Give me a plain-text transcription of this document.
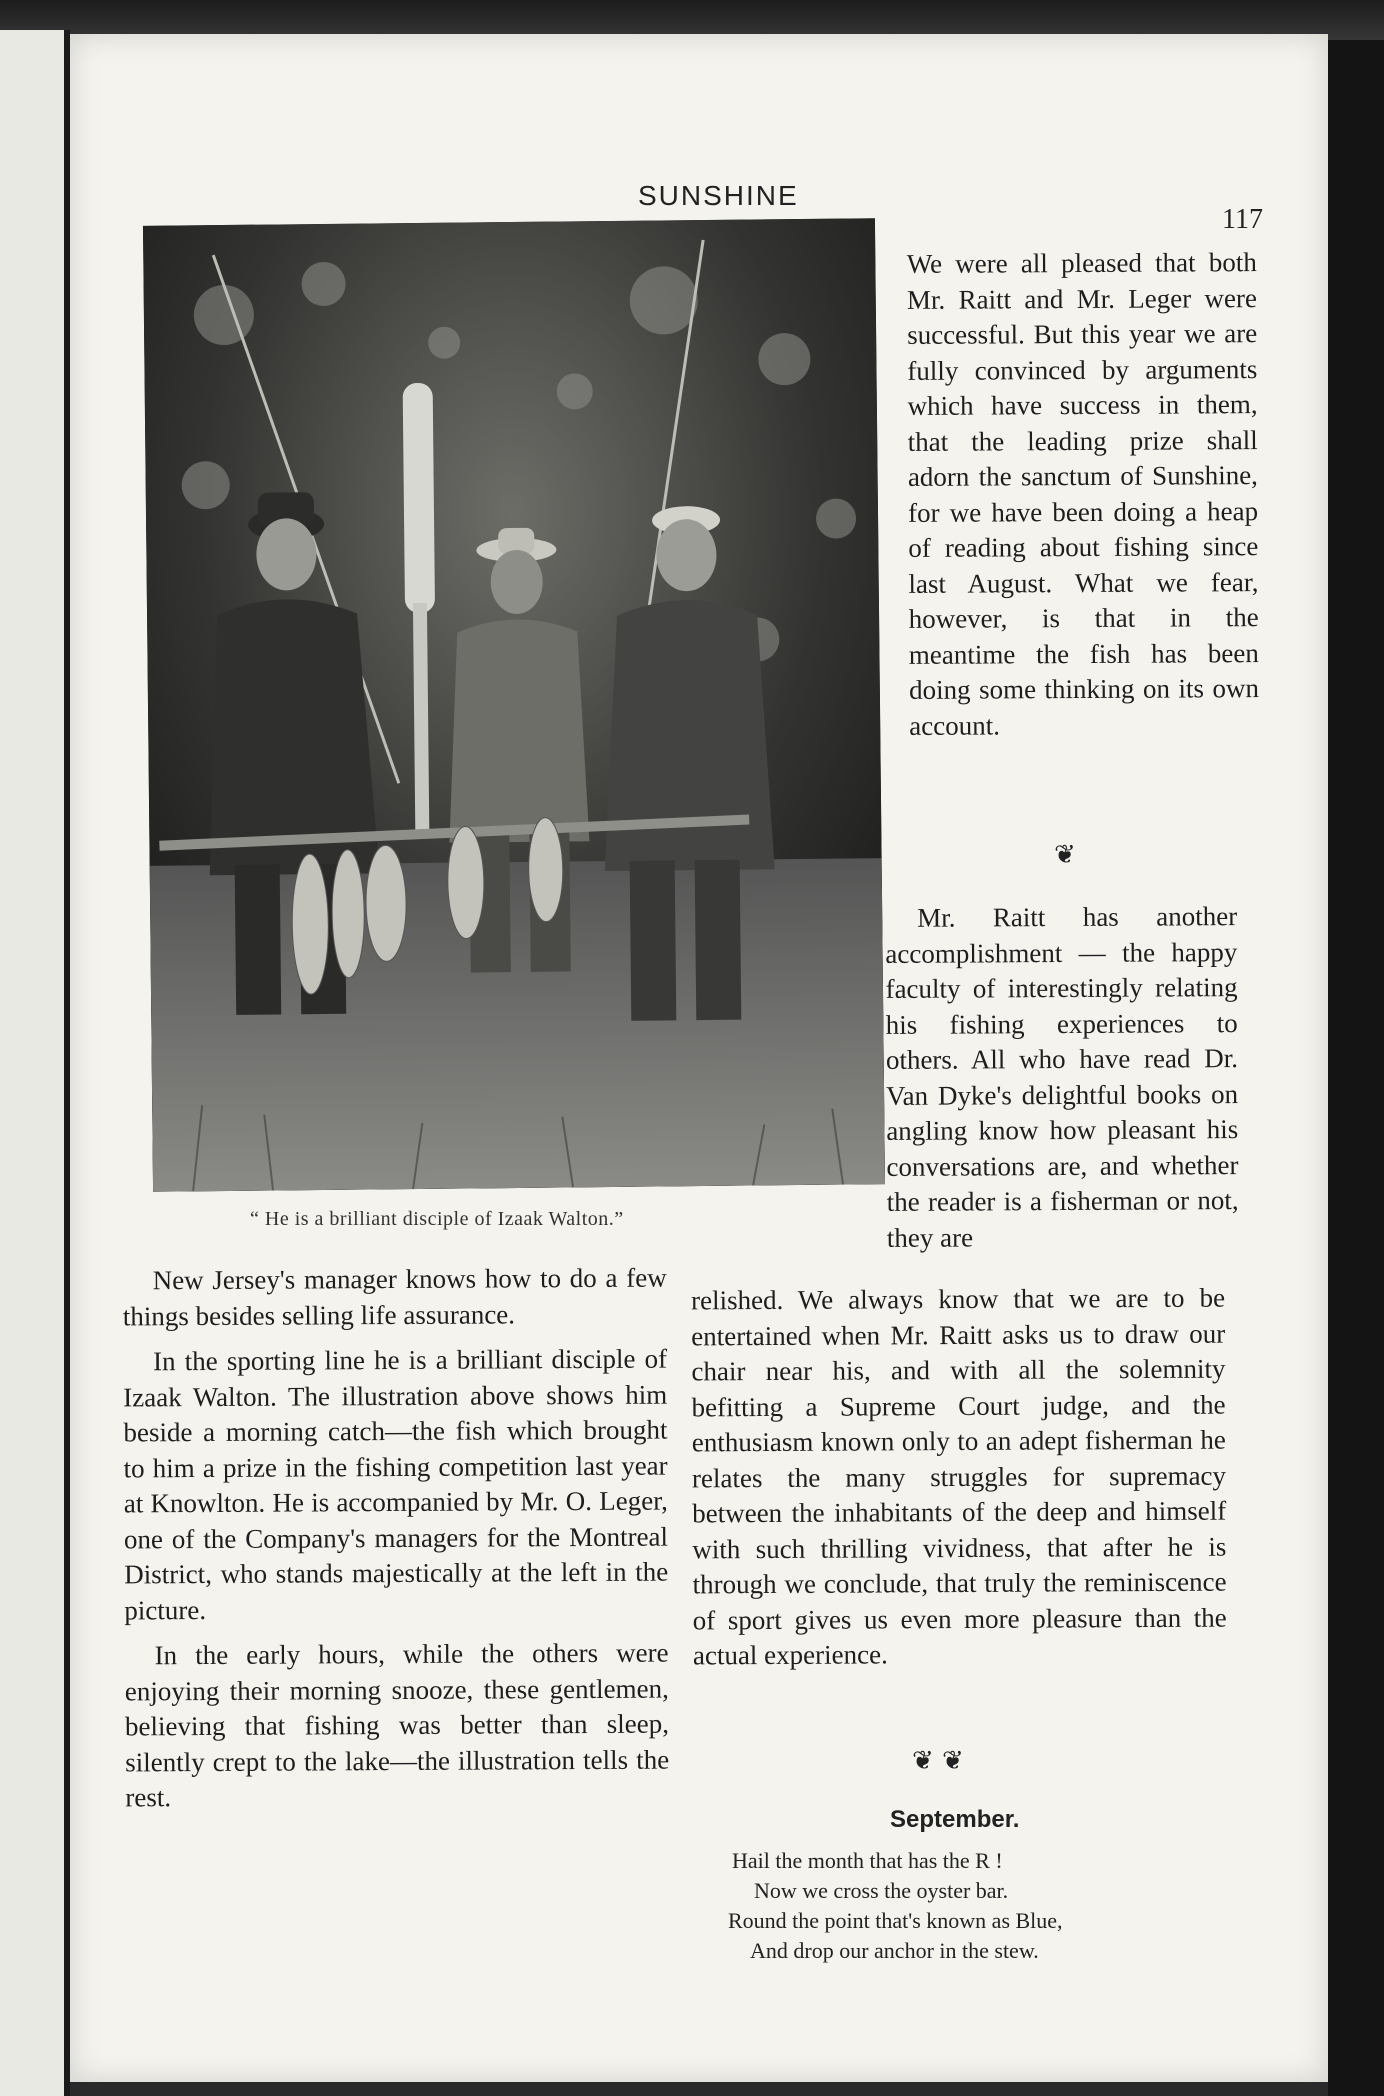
SUNSHINE
117
“ He is a brilliant disciple of Izaak Walton.”

We were all pleased that both Mr. Raitt and Mr. Leger were successful. But this year we are fully convinced by arguments which have success in them, that the leading prize shall adorn the sanctum of Sunshine, for we have been doing a heap of reading about fishing since last August. What we fear, however, is that in the meantime the fish has been doing some thinking on its own account.

❦

Mr. Raitt has another accomplishment — the happy faculty of interestingly relating his fishing experiences to others. All who have read Dr. Van Dyke's delightful books on angling know how pleasant his conversations are, and whether the reader is a fisherman or not, they are

relished. We always know that we are to be entertained when Mr. Raitt asks us to draw our chair near his, and with all the solemnity befitting a Supreme Court judge, and the enthusiasm known only to an adept fisherman he relates the many struggles for supremacy between the inhabitants of the deep and himself with such thrilling vividness, that after he is through we conclude, that truly the reminiscence of sport gives us even more pleasure than the actual experience.

New Jersey's manager knows how to do a few things besides selling life assurance.

In the sporting line he is a brilliant disciple of Izaak Walton. The illustration above shows him beside a morning catch—the fish which brought to him a prize in the fishing competition last year at Knowlton. He is accompanied by Mr. O. Leger, one of the Company's managers for the Montreal District, who stands majestically at the left in the picture.

In the early hours, while the others were enjoying their morning snooze, these gentlemen, believing that fishing was better than sleep, silently crept to the lake—the illustration tells the rest.

❦ ❦
September.
Hail the month that has the R !
Now we cross the oyster bar.
Round the point that's known as Blue,
And drop our anchor in the stew.
